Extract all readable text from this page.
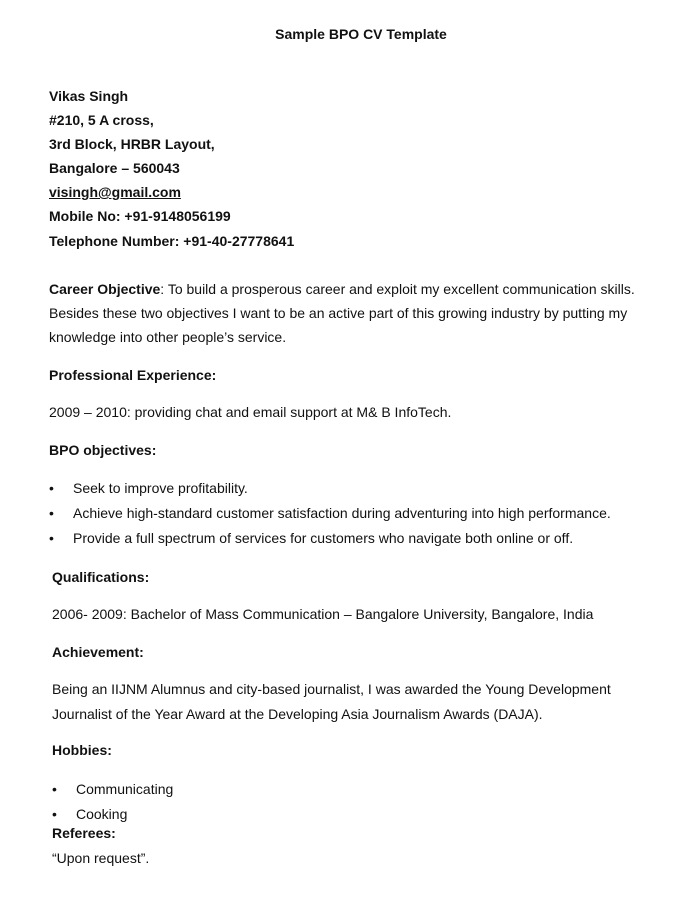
Sample BPO CV Template
Vikas Singh
#210, 5 A cross,
3rd Block, HRBR Layout,
Bangalore – 560043
visingh@gmail.com
Mobile No: +91-9148056199
Telephone Number: +91-40-27778641
Career Objective: To build a prosperous career and exploit my excellent communication skills.
Besides these two objectives I want to be an active part of this growing industry by putting my
knowledge into other people’s service.
Professional Experience:
2009 – 2010: providing chat and email support at M& B InfoTech.
BPO objectives:
• Seek to improve profitability.
• Achieve high-standard customer satisfaction during adventuring into high performance.
• Provide a full spectrum of services for customers who navigate both online or off.
Qualifications:
2006- 2009: Bachelor of Mass Communication – Bangalore University, Bangalore, India
Achievement:
Being an IIJNM Alumnus and city-based journalist, I was awarded the Young Development
Journalist of the Year Award at the Developing Asia Journalism Awards (DAJA).
Hobbies:
• Communicating
• Cooking
Referees:
“Upon request”.
